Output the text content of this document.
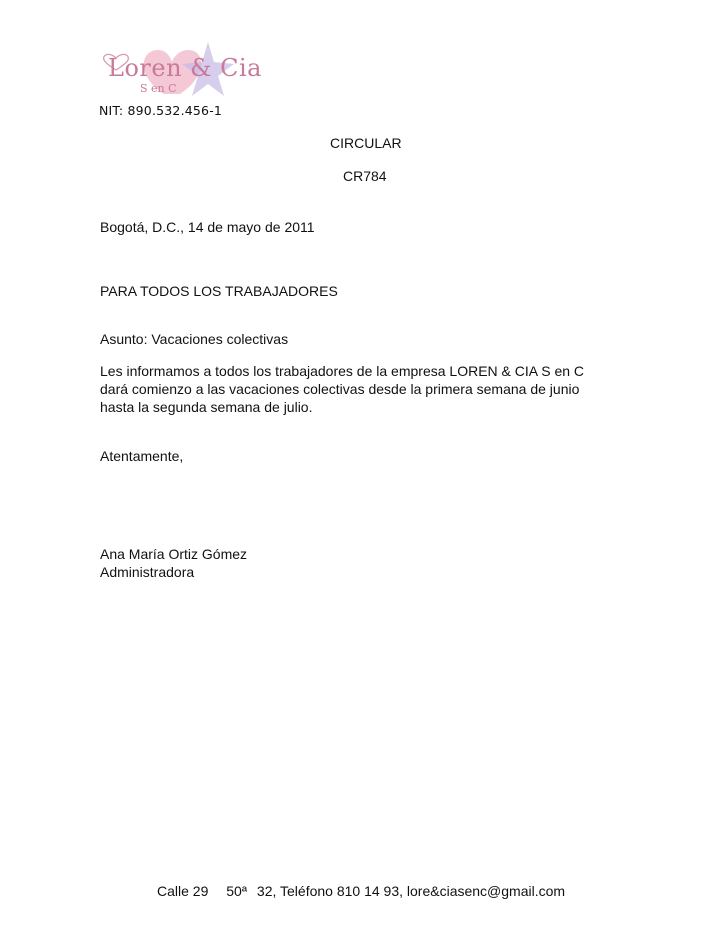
Loren & Cia
S en C

NIT: 890.532.456-1

CIRCULAR
CR784

Bogotá, D.C., 14 de mayo de 2011

PARA TODOS LOS TRABAJADORES

Asunto: Vacaciones colectivas

Les informamos a todos los trabajadores de la empresa LOREN & CIA S en C
dará comienzo a las vacaciones colectivas desde la primera semana de junio
hasta la segunda semana de julio.

Atentamente,

Ana María Ortiz Gómez

Administradora

Calle 29 50ª 32, Teléfono 810 14 93, lore&ciasenc@gmail.com
